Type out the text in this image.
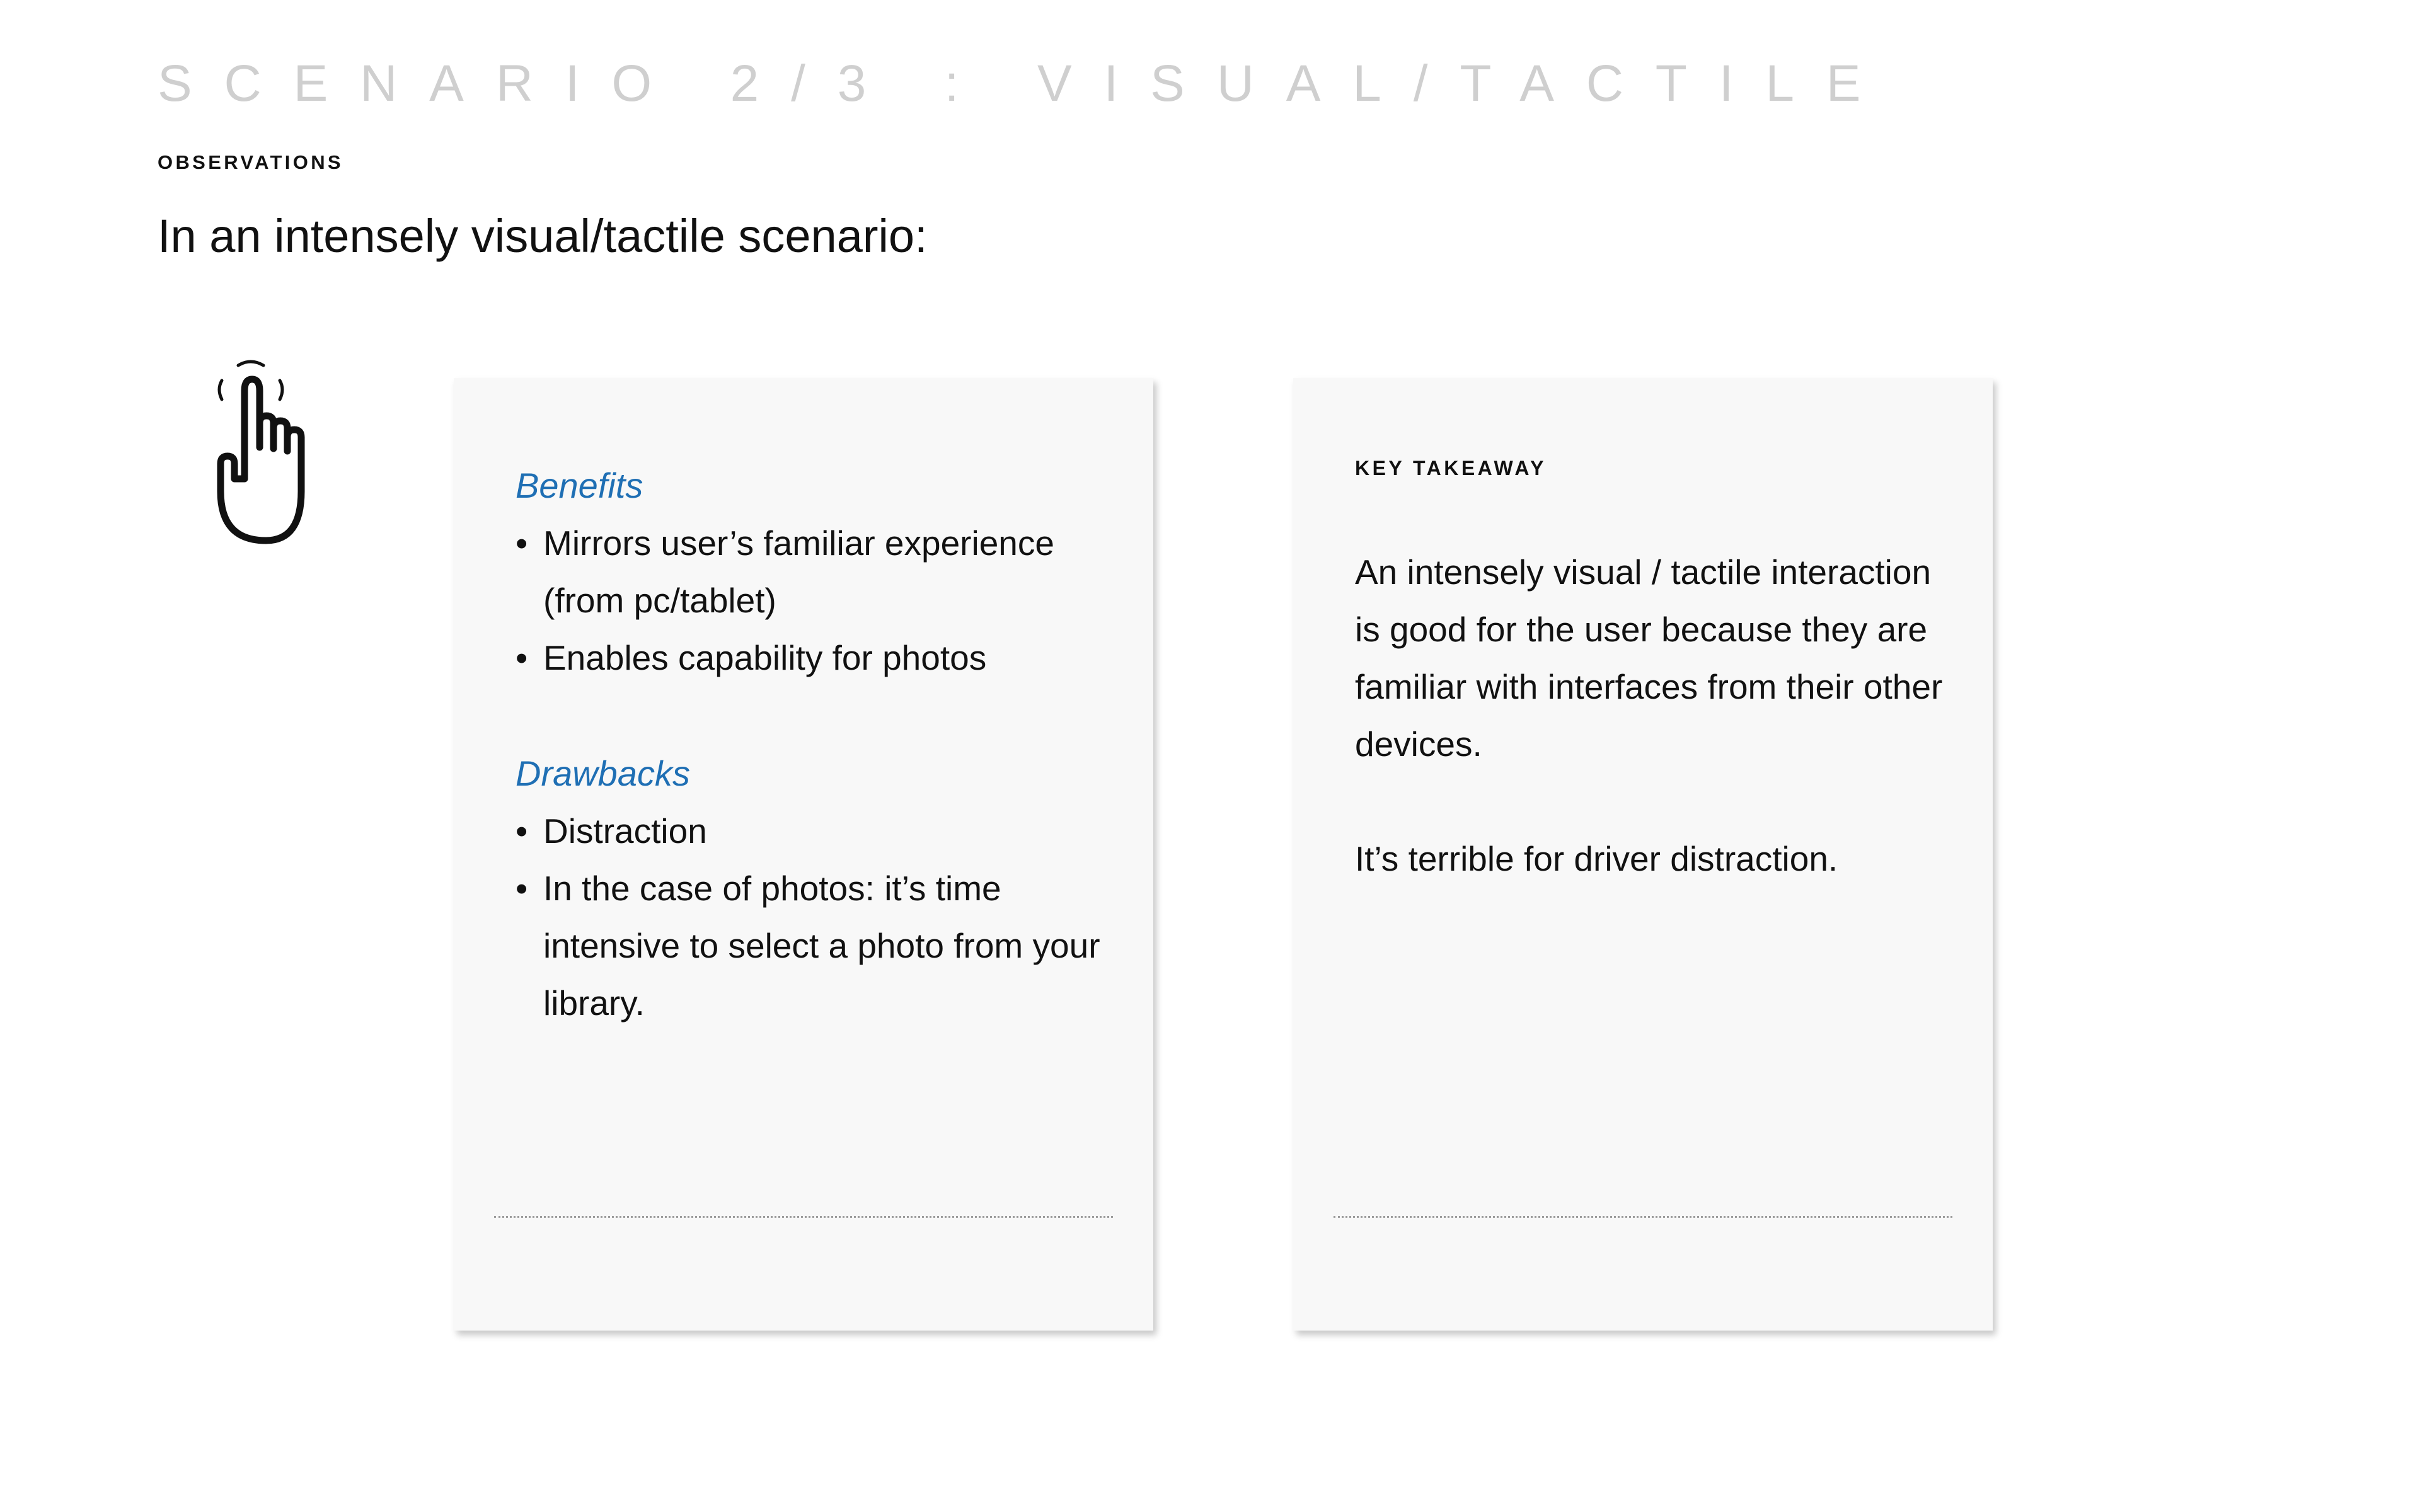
SCENARIO 2/3 : VISUAL/TACTILE
OBSERVATIONS
In an intensely visual/tactile scenario:

Benefits

• Mirrors user’s familiar experience (from pc/tablet)
• Enables capability for photos

Drawbacks

• Distraction
• In the case of photos: it’s time intensive to select a photo from your library.
KEY TAKEAWAY

An intensely visual / tactile interaction is good for the user because they are familiar with interfaces from their other devices.

It’s terrible for driver distraction.
